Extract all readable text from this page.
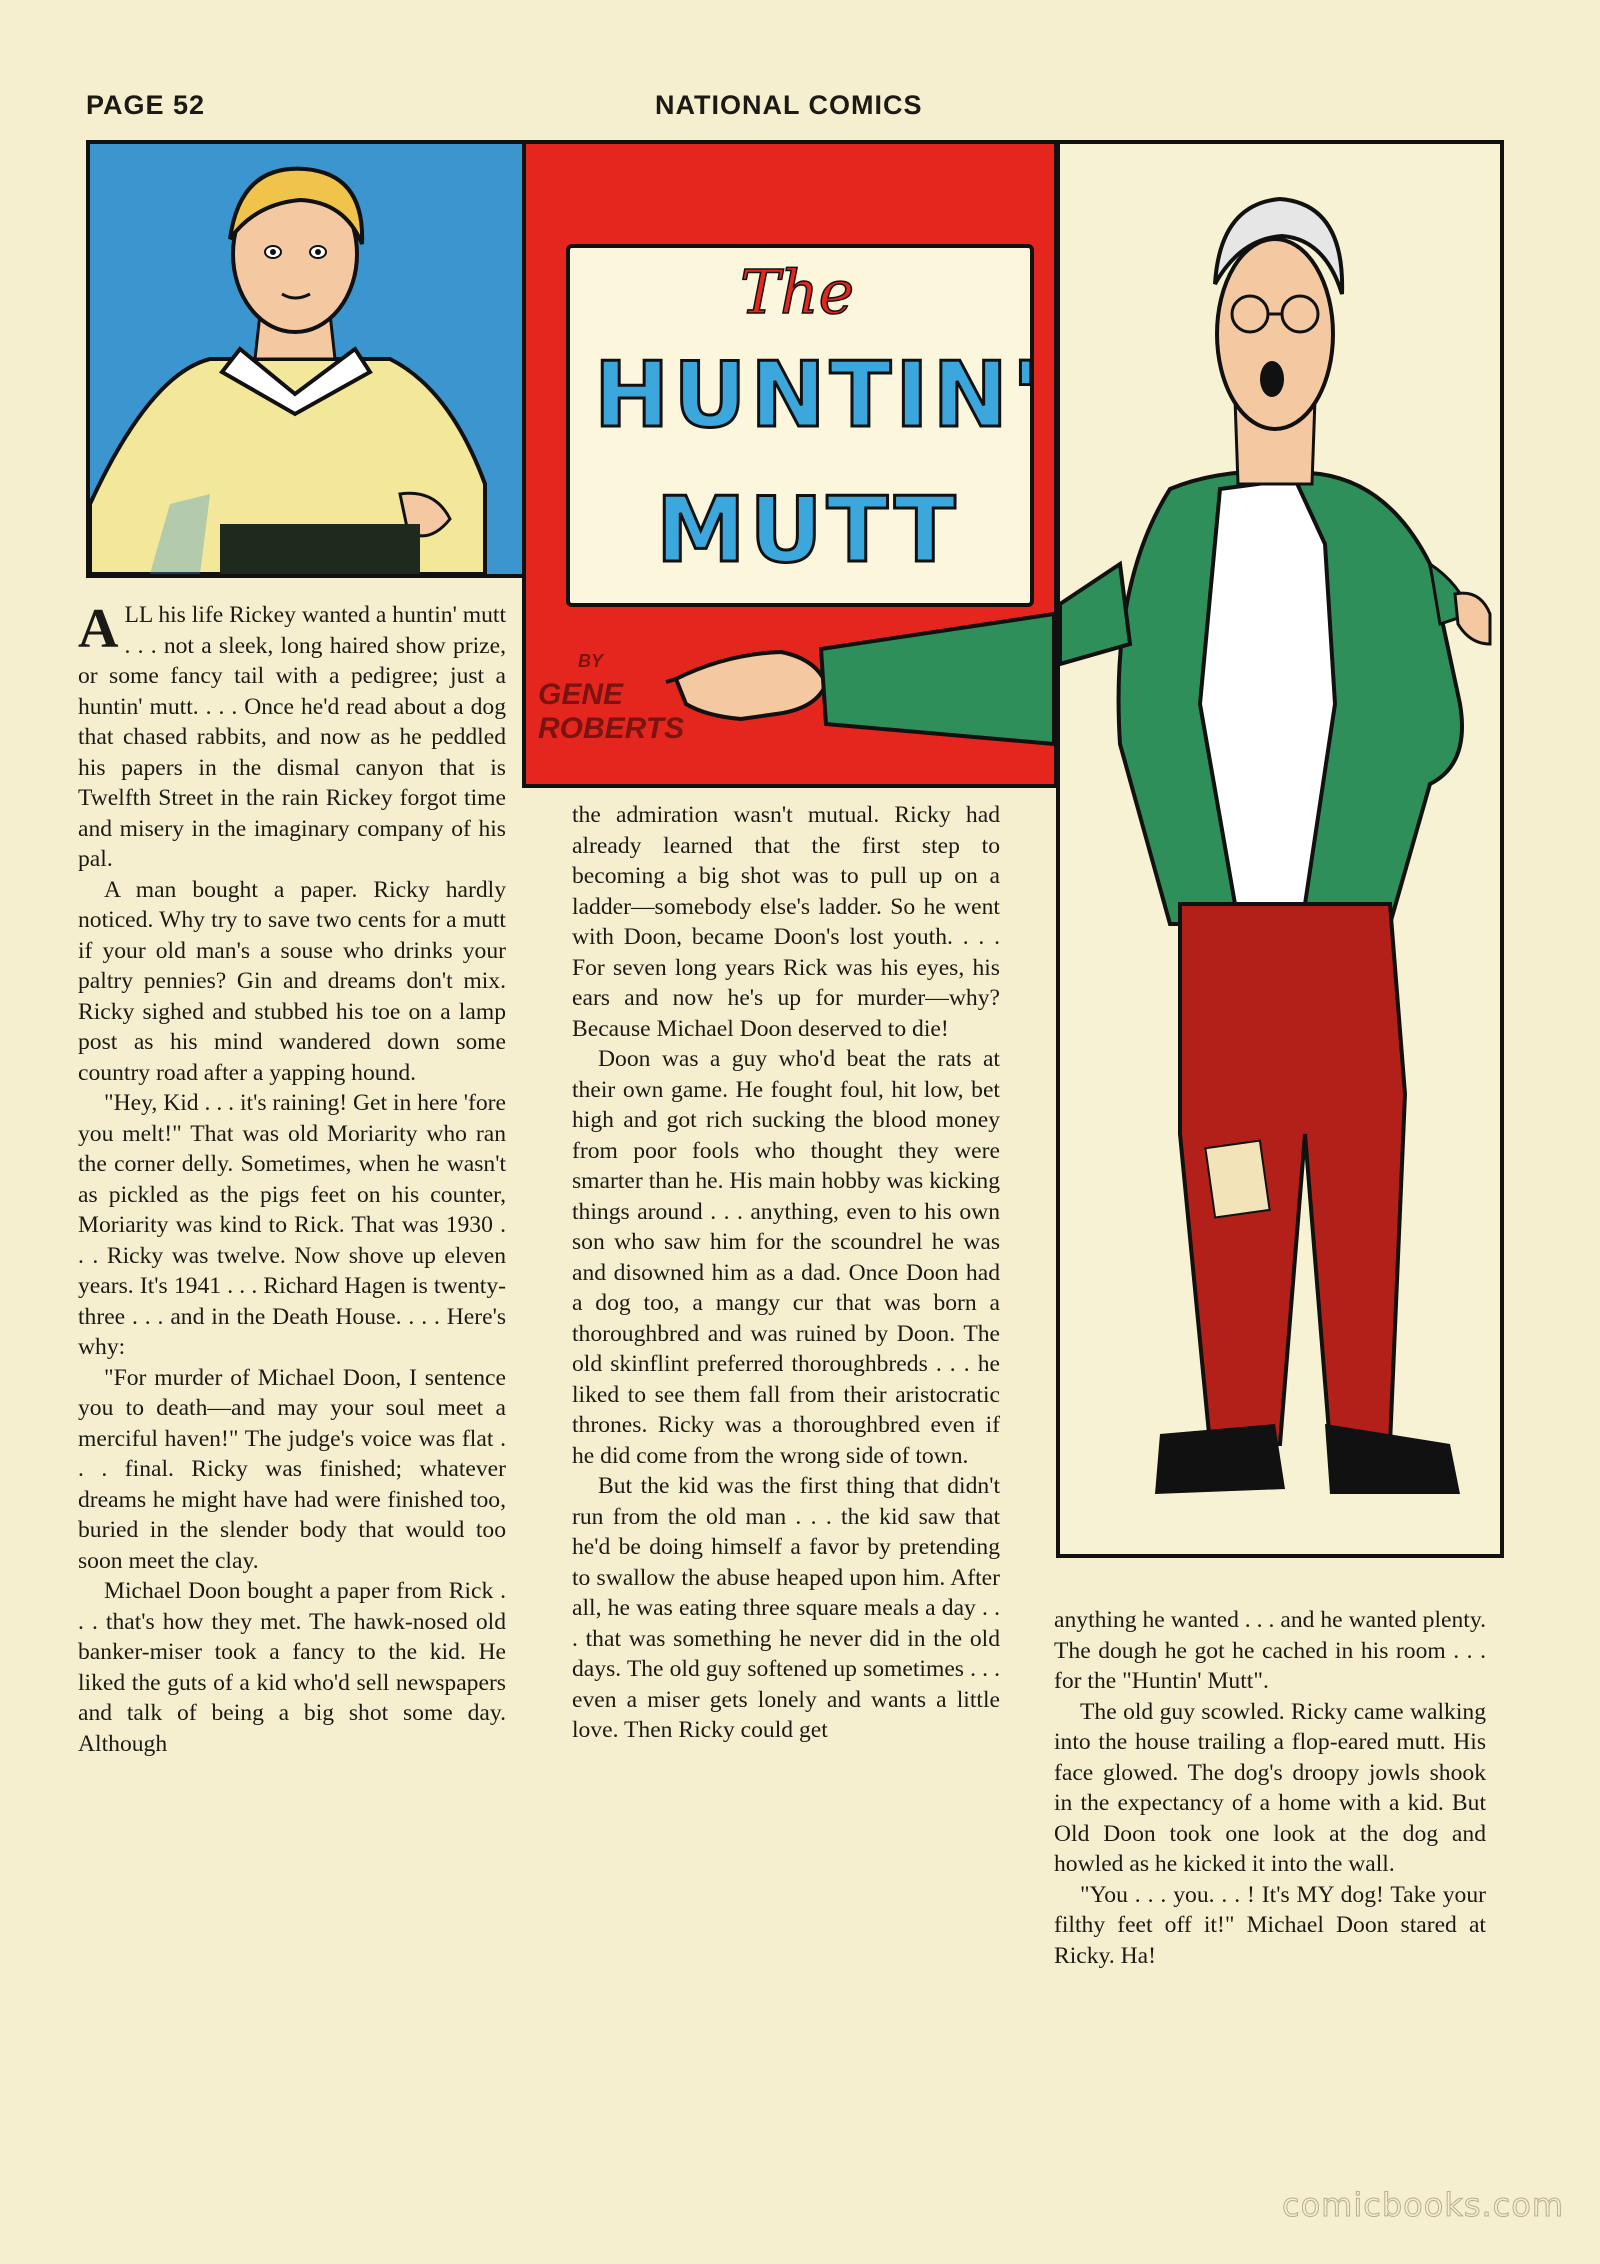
PAGE 52	NATIONAL COMICS
The
HUNTIN'
MUTT
BY
GENE
ROBERTS

ALL his life Rickey wanted a huntin' mutt . . . not a sleek, long haired show prize, or some fancy tail with a pedigree; just a huntin' mutt. . . . Once he'd read about a dog that chased rabbits, and now as he peddled his papers in the dismal canyon that is Twelfth Street in the rain Rickey forgot time and misery in the imaginary company of his pal.

A man bought a paper. Ricky hardly noticed. Why try to save two cents for a mutt if your old man's a souse who drinks your paltry pennies? Gin and dreams don't mix. Ricky sighed and stubbed his toe on a lamp post as his mind wandered down some country road after a yapping hound.

"Hey, Kid . . . it's raining! Get in here 'fore you melt!" That was old Moriarity who ran the corner delly. Sometimes, when he wasn't as pickled as the pigs feet on his counter, Moriarity was kind to Rick. That was 1930 . . . Ricky was twelve. Now shove up eleven years. It's 1941 . . . Richard Hagen is twenty-three . . . and in the Death House. . . . Here's why:

"For murder of Michael Doon, I sentence you to death—and may your soul meet a merciful haven!" The judge's voice was flat . . . final. Ricky was finished; whatever dreams he might have had were finished too, buried in the slender body that would too soon meet the clay.

Michael Doon bought a paper from Rick . . . that's how they met. The hawk-nosed old banker-miser took a fancy to the kid. He liked the guts of a kid who'd sell newspapers and talk of being a big shot some day. Although

the admiration wasn't mutual. Ricky had already learned that the first step to becoming a big shot was to pull up on a ladder—somebody else's ladder. So he went with Doon, became Doon's lost youth. . . . For seven long years Rick was his eyes, his ears and now he's up for murder—why? Because Michael Doon deserved to die!

Doon was a guy who'd beat the rats at their own game. He fought foul, hit low, bet high and got rich sucking the blood money from poor fools who thought they were smarter than he. His main hobby was kicking things around . . . anything, even to his own son who saw him for the scoundrel he was and disowned him as a dad. Once Doon had a dog too, a mangy cur that was born a thoroughbred and was ruined by Doon. The old skinflint preferred thoroughbreds . . . he liked to see them fall from their aristocratic thrones. Ricky was a thoroughbred even if he did come from the wrong side of town.

But the kid was the first thing that didn't run from the old man . . . the kid saw that he'd be doing himself a favor by pretending to swallow the abuse heaped upon him. After all, he was eating three square meals a day . . . that was something he never did in the old days. The old guy softened up sometimes . . . even a miser gets lonely and wants a little love. Then Ricky could get

anything he wanted . . . and he wanted plenty. The dough he got he cached in his room . . . for the "Huntin' Mutt".

The old guy scowled. Ricky came walking into the house trailing a flop-eared mutt. His face glowed. The dog's droopy jowls shook in the expectancy of a home with a kid. But Old Doon took one look at the dog and howled as he kicked it into the wall.

"You . . . you. . . ! It's MY dog! Take your filthy feet off it!" Michael Doon stared at Ricky. Ha!

comicbooks.com
